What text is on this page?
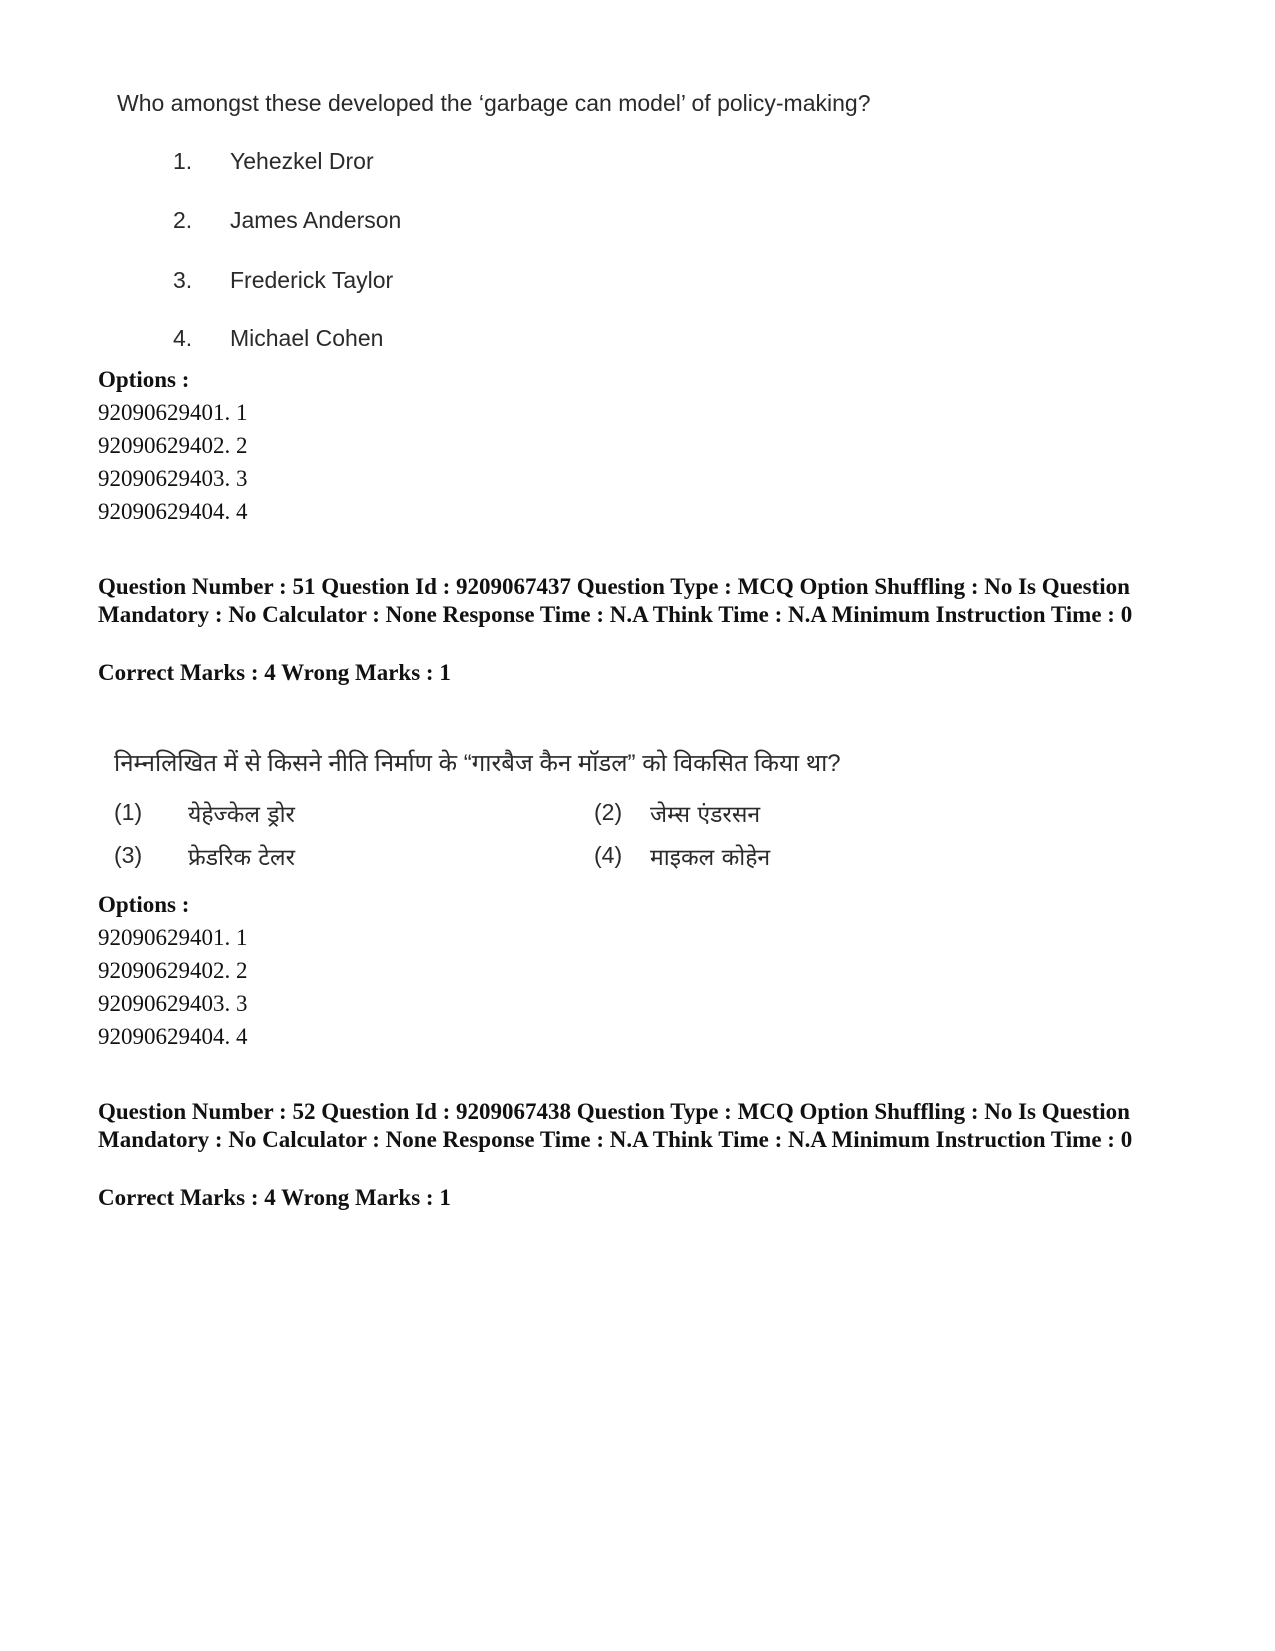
Who amongst these developed the ‘garbage can model’ of policy-making?
1. Yehezkel Dror
2. James Anderson
3. Frederick Taylor
4. Michael Cohen
Options :
92090629401. 1
92090629402. 2
92090629403. 3
92090629404. 4
Question Number : 51 Question Id : 9209067437 Question Type : MCQ Option Shuffling : No Is Question Mandatory : No Calculator : None Response Time : N.A Think Time : N.A Minimum Instruction Time : 0
Correct Marks : 4 Wrong Marks : 1
निम्नलिखित में से किसने नीति निर्माण के “गारबैज कैन मॉडल” को विकसित किया था?
(1) येहेज्केल ड्रोर	(2) जेम्स एंडरसन
(3) फ्रेडरिक टेलर	(4) माइकल कोहेन
Options :
92090629401. 1
92090629402. 2
92090629403. 3
92090629404. 4
Question Number : 52 Question Id : 9209067438 Question Type : MCQ Option Shuffling : No Is Question Mandatory : No Calculator : None Response Time : N.A Think Time : N.A Minimum Instruction Time : 0
Correct Marks : 4 Wrong Marks : 1
